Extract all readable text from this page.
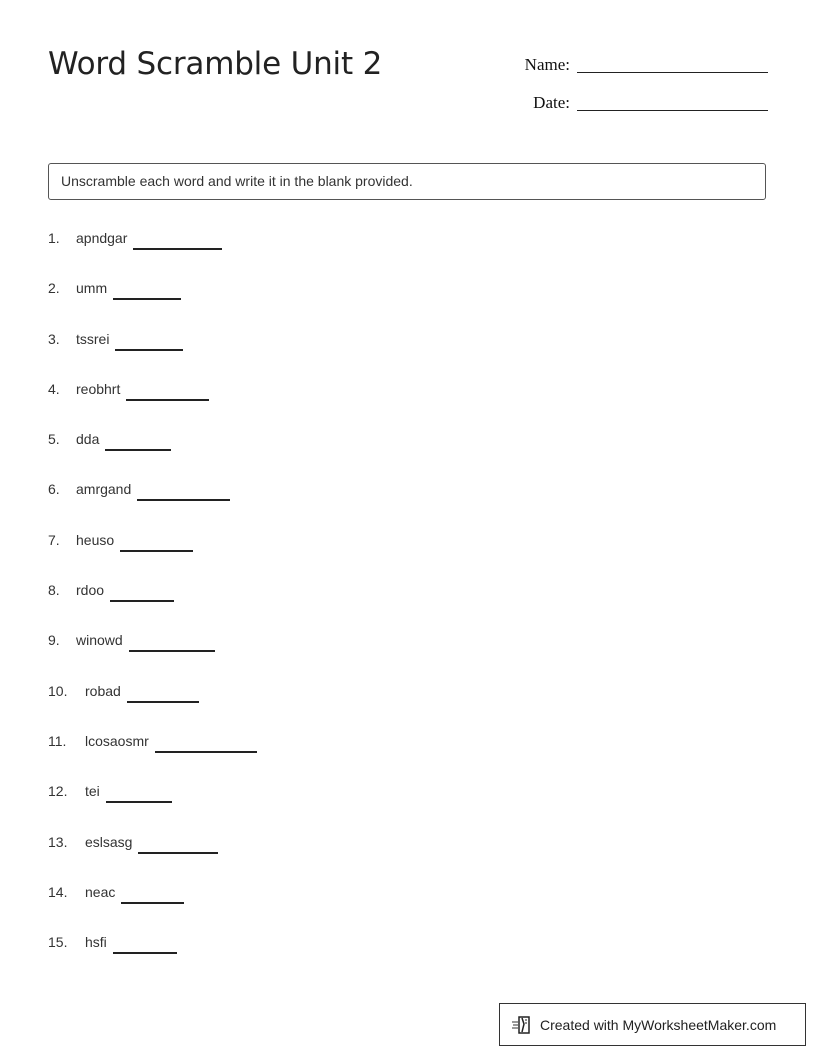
Word Scramble Unit 2	Name:
Date:
Unscramble each word and write it in the blank provided.
1.	apndgar
2.	umm
3.	tssrei
4.	reobhrt
5.	dda
6.	amrgand
7.	heuso
8.	rdoo
9.	winowd
10.	robad
11.	lcosaosmr
12.	tei
13.	eslsasg
14.	neac
15.	hsfi
Created with MyWorksheetMaker.com
